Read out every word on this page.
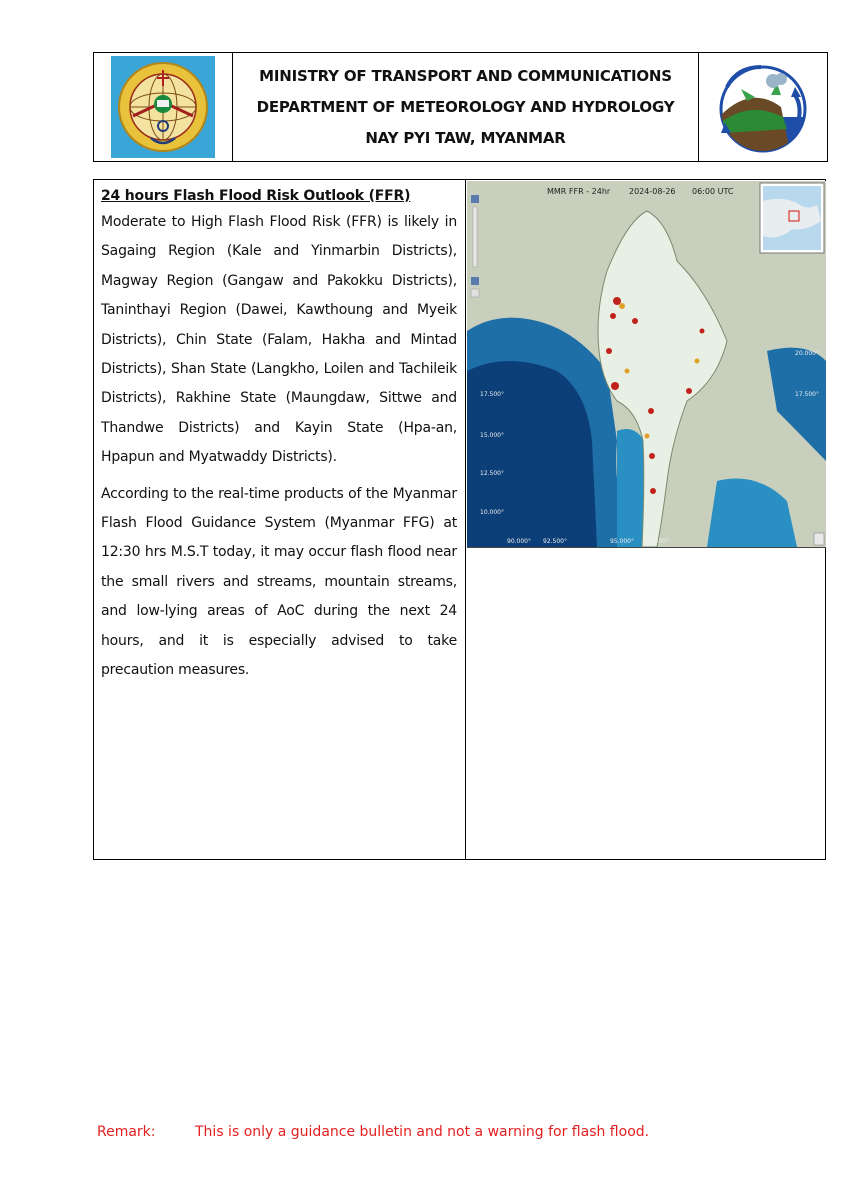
MINISTRY OF TRANSPORT AND COMMUNICATIONS
DEPARTMENT OF METEOROLOGY AND HYDROLOGY
NAY PYI TAW, MYANMAR
24 hours Flash Flood Risk Outlook (FFR)

Moderate to High Flash Flood Risk (FFR) is likely in Sagaing Region (Kale and Yinmarbin Districts), Magway Region (Gangaw and Pakokku Districts), Taninthayi Region (Dawei, Kawthoung and Myeik Districts), Chin State (Falam, Hakha and Mintad Districts), Shan State (Langkho, Loilen and Tachileik Districts), Rakhine State (Maungdaw, Sittwe and Thandwe Districts) and Kayin State (Hpa-an, Hpapun and Myatwaddy Districts).

According to the real-time products of the Myanmar Flash Flood Guidance System (Myanmar FFG) at 12:30 hrs M.S.T today, it may occur flash flood near the small rivers and streams, mountain streams, and low-lying areas of AoC during the next 24 hours, and it is especially advised to take precaution measures.

MMR FFR - 24hr 2024-08-26 06:00 UTC
17.500°
15.000°
12.500°
10.000°
90.000° 92.500°	95.000° 97.500°
20.000°
17.500°
Remark:	This is only a guidance bulletin and not a warning for flash flood.
